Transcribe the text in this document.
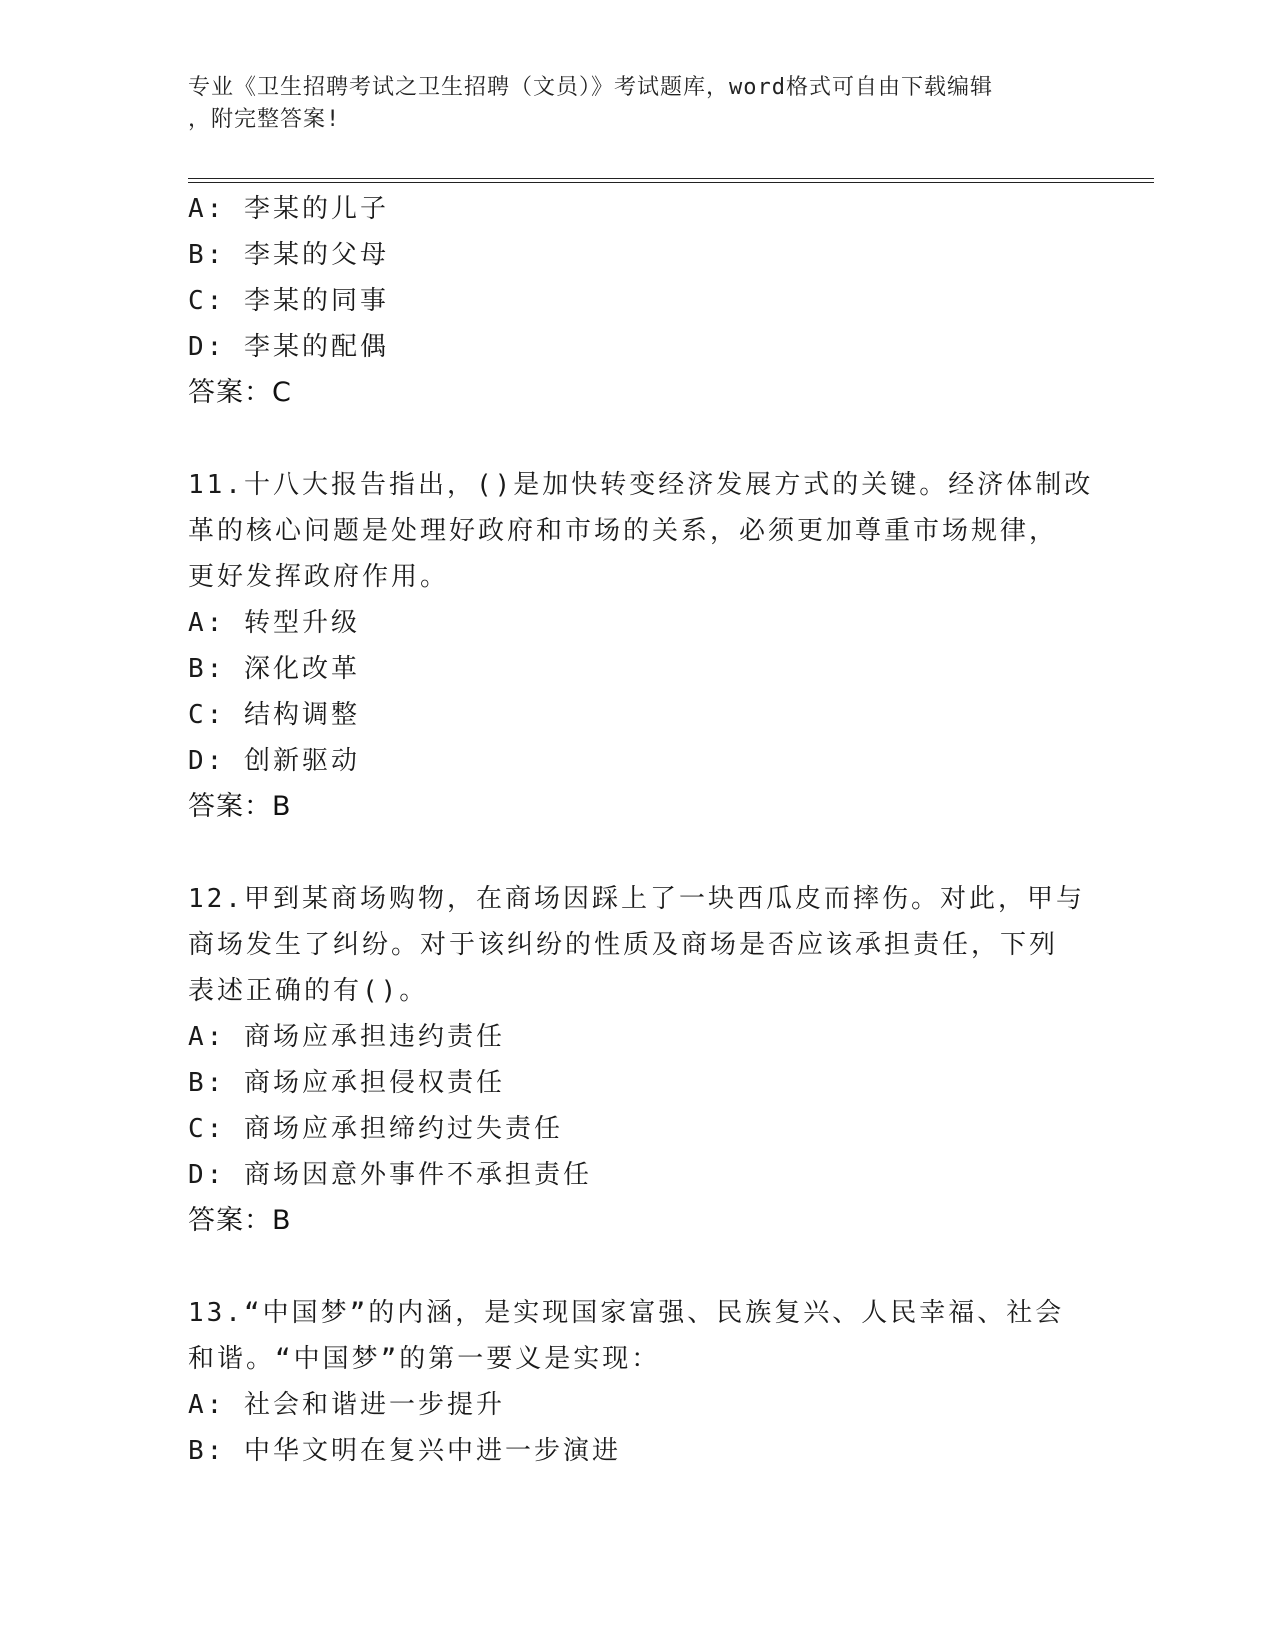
专业《卫生招聘考试之卫生招聘（文员）》考试题库，word格式可自由下载编辑
，附完整答案!
A: 李某的儿子
B: 李某的父母
C: 李某的同事
D: 李某的配偶
答案：C
11.十八大报告指出，()是加快转变经济发展方式的关键。经济体制改
革的核心问题是处理好政府和市场的关系，必须更加尊重市场规律，
更好发挥政府作用。
A: 转型升级
B: 深化改革
C: 结构调整
D: 创新驱动
答案：B
12.甲到某商场购物，在商场因踩上了一块西瓜皮而摔伤。对此，甲与
商场发生了纠纷。对于该纠纷的性质及商场是否应该承担责任，下列
表述正确的有()。
A: 商场应承担违约责任
B: 商场应承担侵权责任
C: 商场应承担缔约过失责任
D: 商场因意外事件不承担责任
答案：B
13.“中国梦”的内涵，是实现国家富强、民族复兴、人民幸福、社会
和谐。“中国梦”的第一要义是实现：
A: 社会和谐进一步提升
B: 中华文明在复兴中进一步演进
